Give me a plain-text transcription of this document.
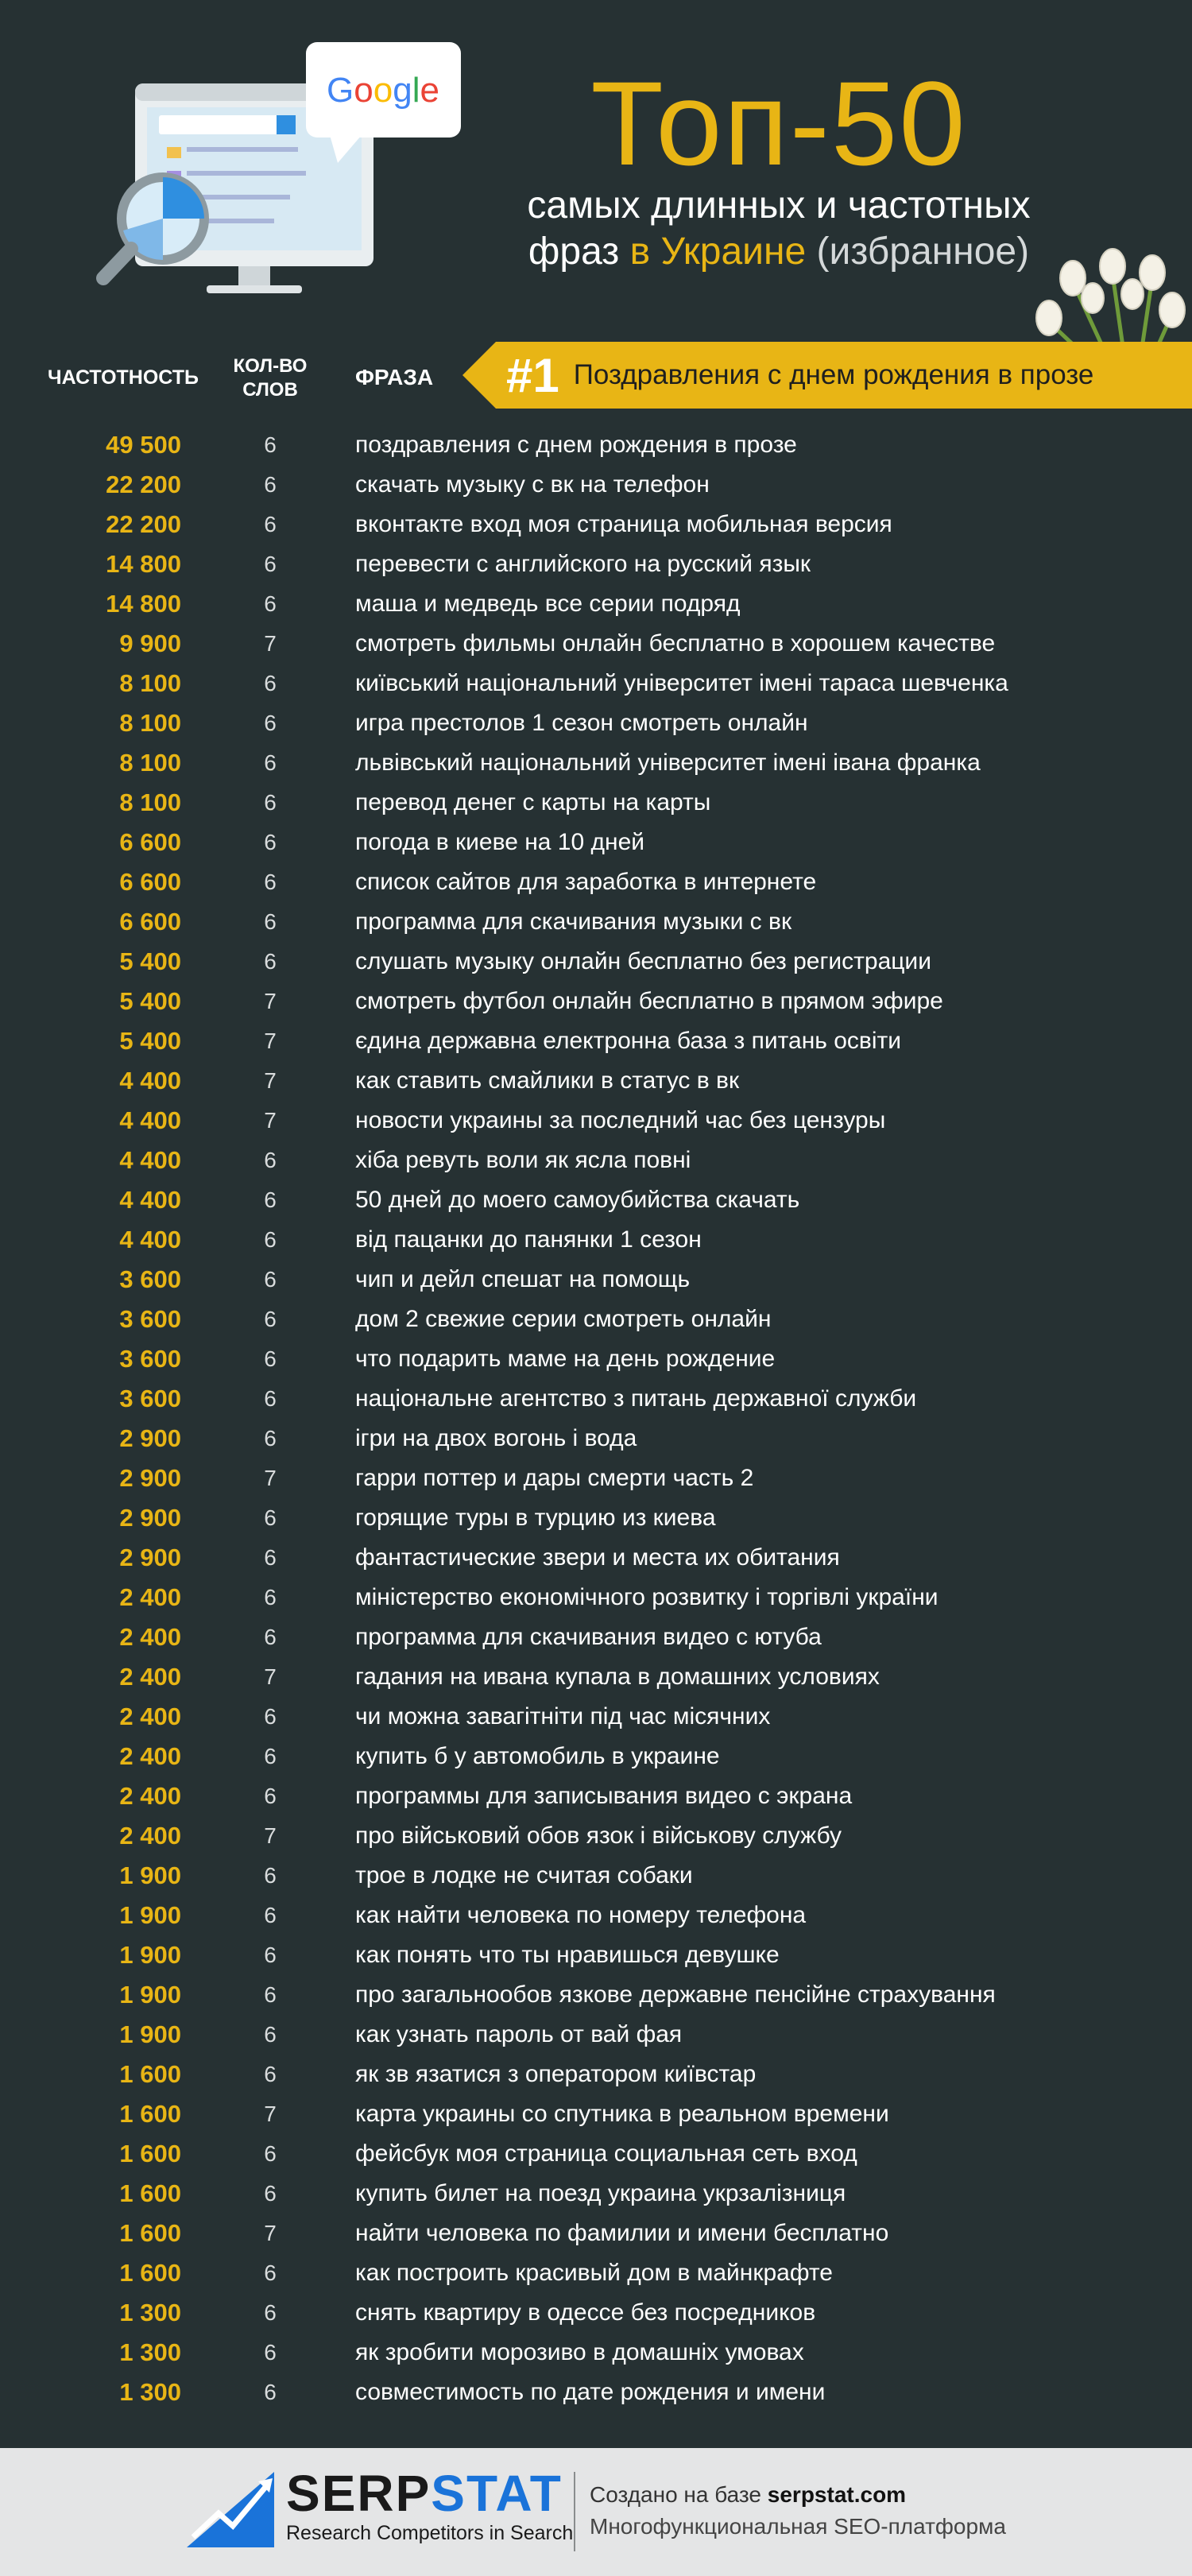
Google	Топ-50
самых длинных и частотных
фраз в Украине (избранное)
ЧАСТОТНОСТЬ
КОЛ-ВО
СЛОВ
ФРАЗА #1 Поздравления с днем рождения в прозе
49 500	6	поздравления с днем рождения в прозе
22 200	6	скачать музыку с вк на телефон
22 200	6	вконтакте вход моя страница мобильная версия
14 800	6	перевести с английского на русский язык
14 800	6	маша и медведь все серии подряд
9 900	7	смотреть фильмы онлайн бесплатно в хорошем качестве
8 100	6	київський національний університет імені тараса шевченка
8 100	6	игра престолов 1 сезон смотреть онлайн
8 100	6	львівський національний університет імені івана франка
8 100	6	перевод денег с карты на карты
6 600	6	погода в киеве на 10 дней
6 600	6	список сайтов для заработка в интернете
6 600	6	программа для скачивания музыки с вк
5 400	6	слушать музыку онлайн бесплатно без регистрации
5 400	7	смотреть футбол онлайн бесплатно в прямом эфире
5 400	7	єдина державна електронна база з питань освіти
4 400	7	как ставить смайлики в статус в вк
4 400	7	новости украины за последний час без цензуры
4 400	6	хіба ревуть воли як ясла повні
4 400	6	50 дней до моего самоубийства скачать
4 400	6	від пацанки до панянки 1 сезон
3 600	6	чип и дейл спешат на помощь
3 600	6	дом 2 свежие серии смотреть онлайн
3 600	6	что подарить маме на день рождение
3 600	6	національне агентство з питань державної служби
2 900	6	ігри на двох вогонь і вода
2 900	7	гарри поттер и дары смерти часть 2
2 900	6	горящие туры в турцию из киева
2 900	6	фантастические звери и места их обитания
2 400	6	міністерство економічного розвитку і торгівлі україни
2 400	6	программа для скачивания видео с ютуба
2 400	7	гадания на ивана купала в домашних условиях
2 400	6	чи можна завагітніти під час місячних
2 400	6	купить б у автомобиль в украине
2 400	6	программы для записывания видео с экрана
2 400	7	про військовий обов язок і військову службу
1 900	6	трое в лодке не считая собаки
1 900	6	как найти человека по номеру телефона
1 900	6	как понять что ты нравишься девушке
1 900	6	про загальнообов язкове державне пенсійне страхування
1 900	6	как узнать пароль от вай фая
1 600	6	як зв язатися з оператором київстар
1 600	7	карта украины со спутника в реальном времени
1 600	6	фейсбук моя страница социальная сеть вход
1 600	6	купить билет на поезд украина укрзалізниця
1 600	7	найти человека по фамилии и имени бесплатно
1 600	6	как построить красивый дом в майнкрафте
1 300	6	снять квартиру в одессе без посредников
1 300	6	як зробити морозиво в домашніх умовах
1 300	6	совместимость по дате рождения и имени
SERPSTAT
Research Competitors in Search
Создано на базе serpstat.com
Многофункциональная SEO-платформа
